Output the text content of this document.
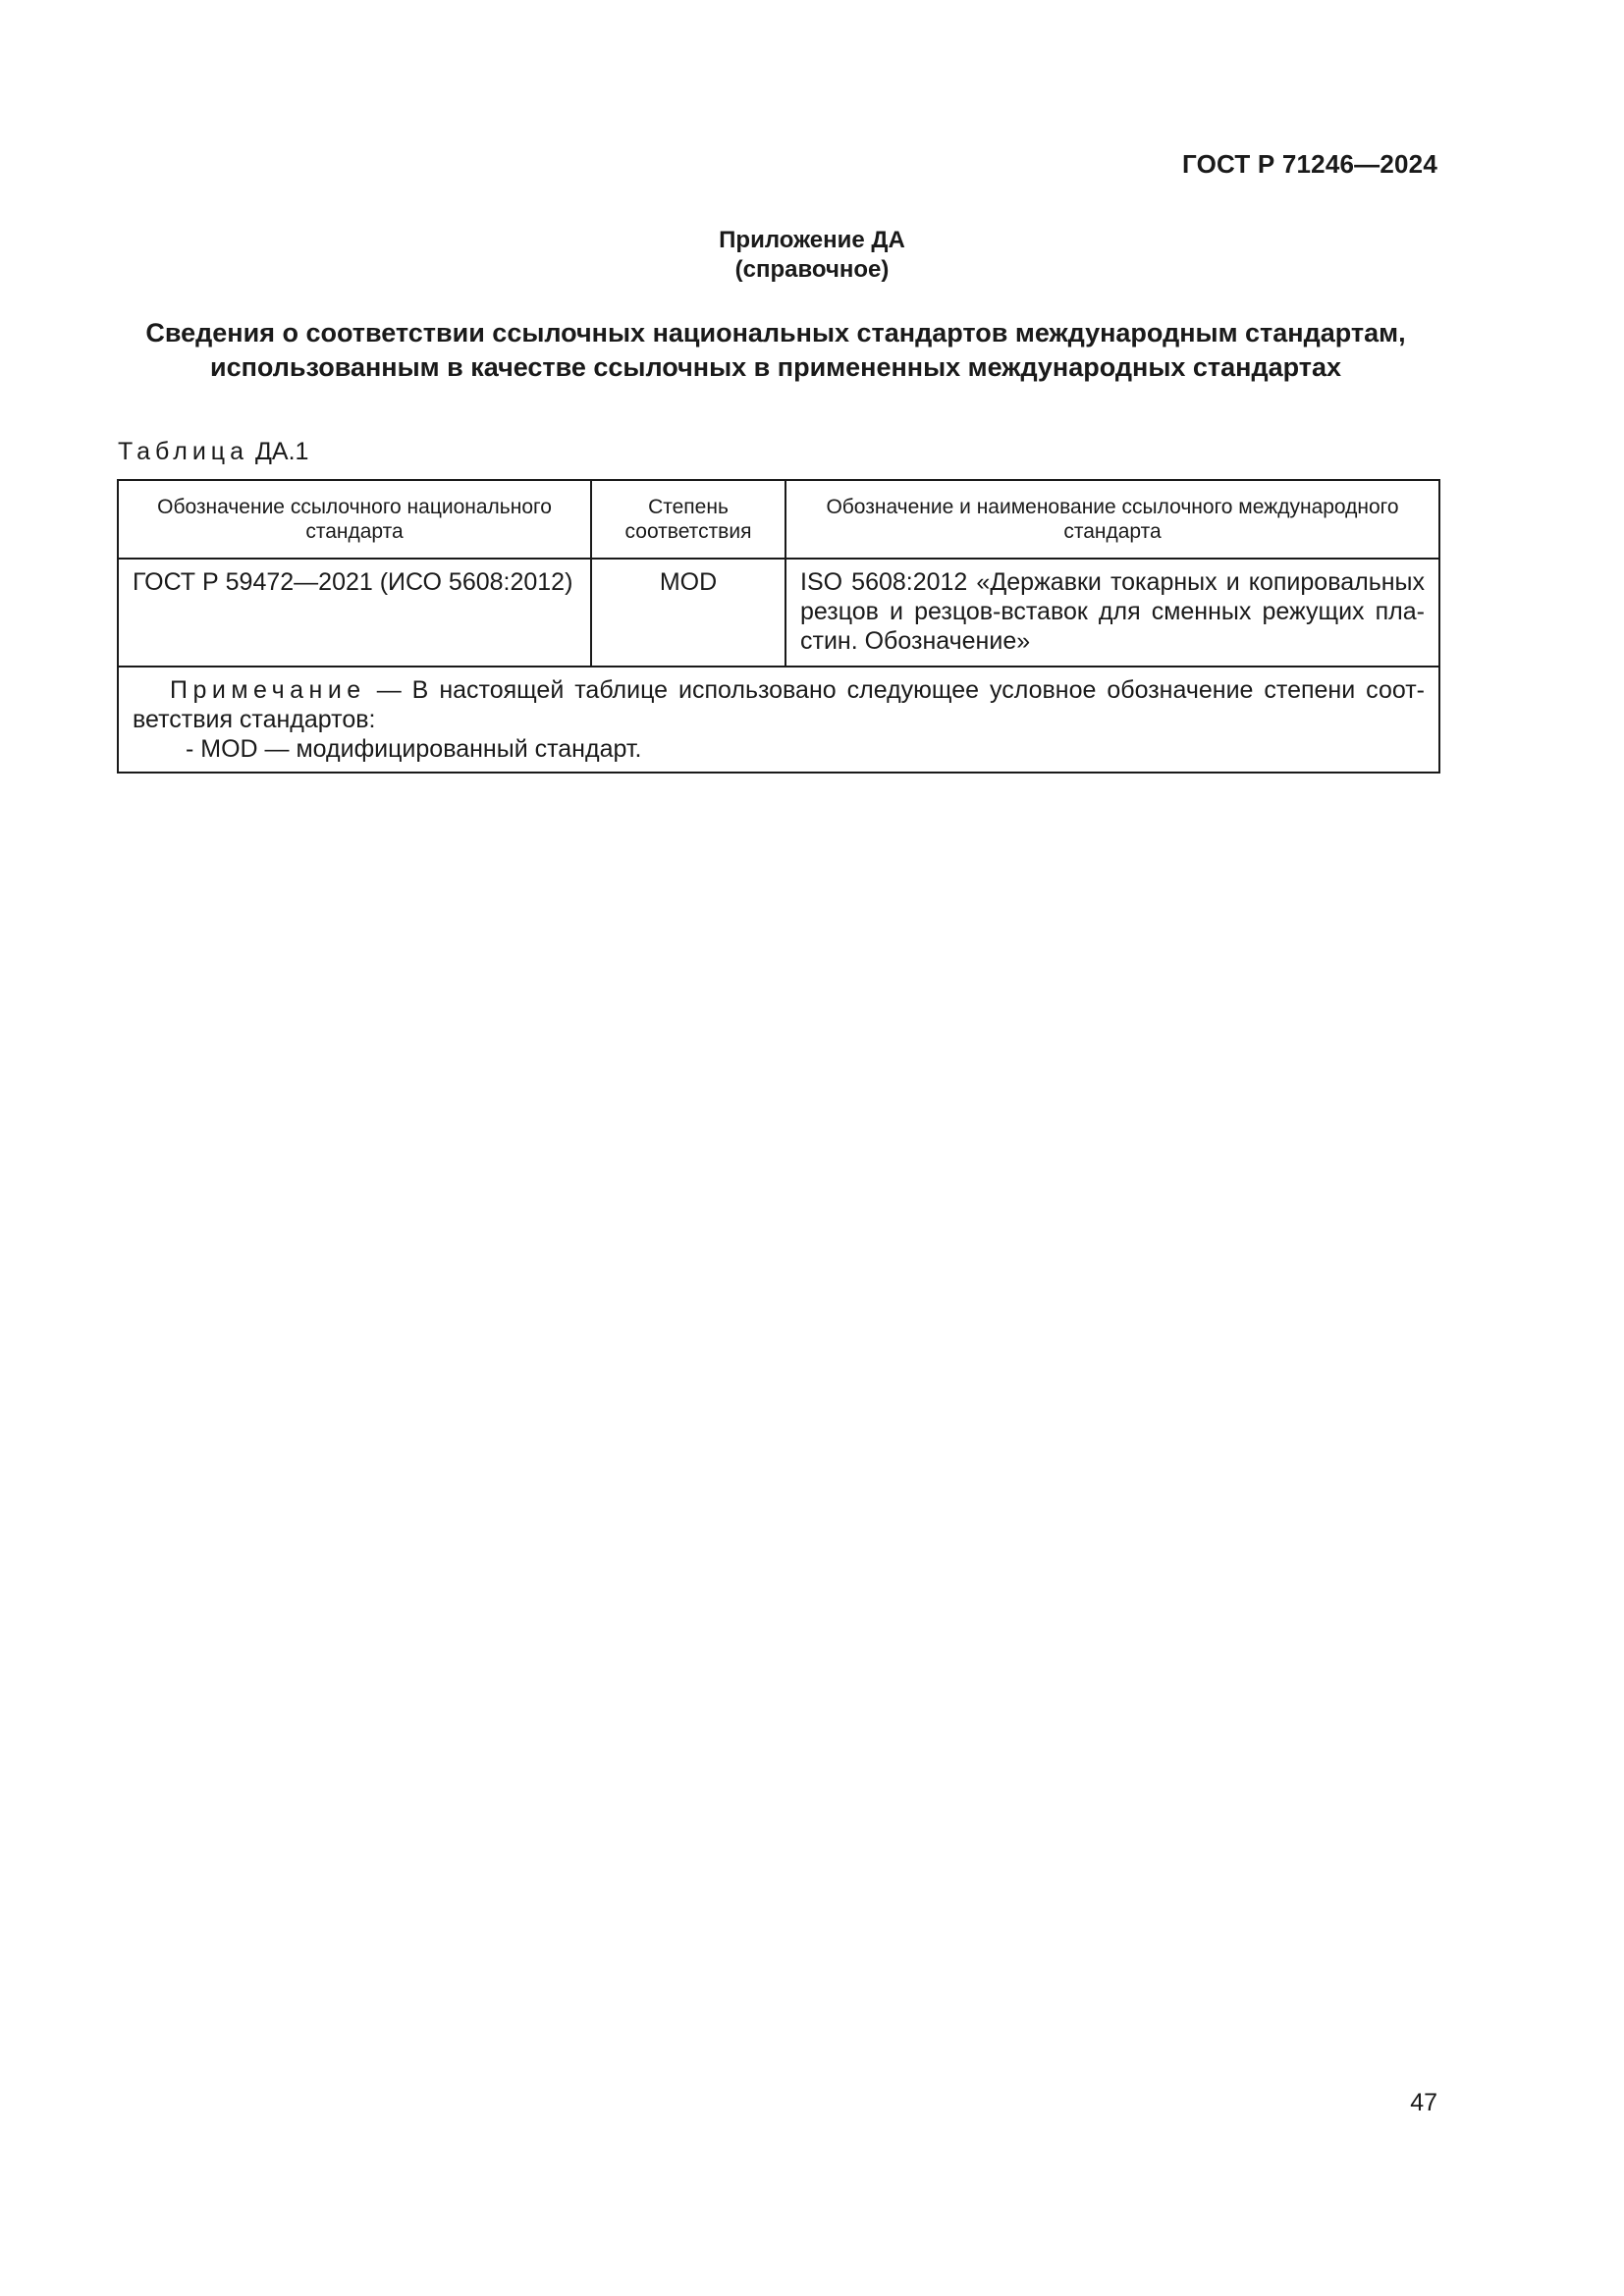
ГОСТ Р 71246—2024
Приложение ДА
(справочное)
Сведения о соответствии ссылочных национальных стандартов международным стандартам,
использованным в качестве ссылочных в примененных международных стандартах
Таблица ДА.1
Обозначение ссылочного национального стандарта	Степень соответствия	Обозначение и наименование ссылочного международного стандарта
ГОСТ Р 59472—2021 (ИСО 5608:2012)	MOD	ISO 5608:2012 «Державки токарных и копировальных резцов и резцов-вставок для сменных режущих пластин. Обозначение»
Примечание — В настоящей таблице использовано следующее условное обозначение степени соответствия стандартов:
- MOD — модифицированный стандарт.		
47
